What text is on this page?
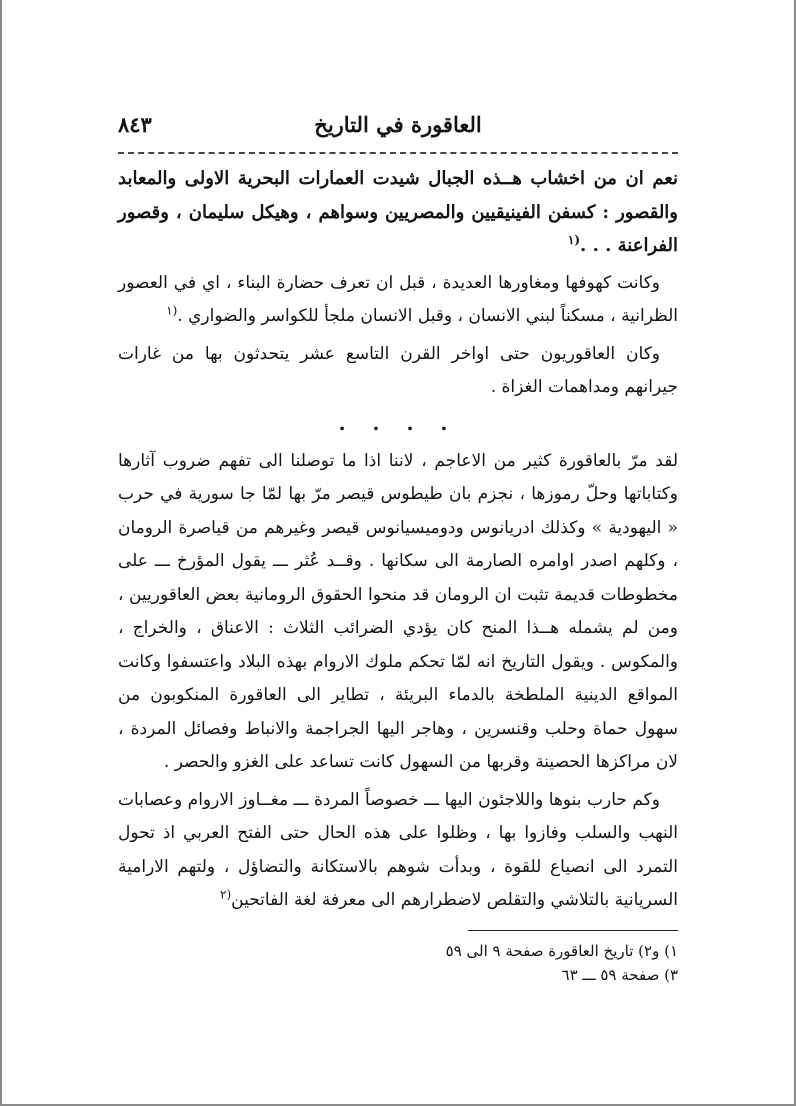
العاقورة في التاريخ
٨٤٣

نعم ان من اخشاب هــذه الجبال شيدت العمارات البحرية الاولى والمعابد والقصور : كسفن الفينيقيين والمصريين وسواهم ، وهيكل سليمان ، وقصور الفراعنة . . .$^{(١}$

وكانت كهوفها ومغاورها العديدة ، قبل ان تعرف حضارة البناء ، اي في العصور الظرانية ، مسكناً لبني الانسان ، وقبل الانسان ملجأ للكواسر والضواري .$^{(١}$

وكان العاقوريون حتى اواخر القرن التاسع عشر يتحدثون بها من غارات جيرانهم ومداهمات الغزاة .

. . . .

لقد مرّ بالعاقورة كثير من الاعاجم ، لاننا اذا ما توصلنا الى تفهم ضروب آثارها وكتاباتها وحلّ رموزها ، نجزم بان طيطوس قيصر مرّ بها لمّا جا سورية في حرب « اليهودية » وكذلك ادريانوس ودوميسيانوس قيصر وغيرهم من قياصرة الرومان ، وكلهم اصدر اوامره الصارمة الى سكانها . وقــد عُثر ـــ يقول المؤرخ ـــ على مخطوطات قديمة تثبت ان الرومان قد منحوا الحقوق الرومانية بعض العاقوريين ، ومن لم يشمله هــذا المنح كان يؤدي الضرائب الثلاث : الاعناق ، والخراج ، والمكوس . ويقول التاريخ انه لمّا تحكم ملوك الاروام بهذه البلاد واعتسفوا وكانت المواقع الدينية الملطخة بالدماء البريئة ، تطاير الى العاقورة المنكوبون من سهول حماة وحلب وقنسرين ، وهاجر اليها الجراجمة والانباط وفصائل المردة ، لان مراكزها الحصينة وقربها من السهول كانت تساعد على الغزو والحصر .

وكم حارب بنوها واللاجئون اليها ـــ خصوصاً المردة ـــ مغــاوز الاروام وعصابات النهب والسلب وفازوا بها ، وظلوا على هذه الحال حتى الفتح العربي اذ تحول التمرد الى انصياع للقوة ، وبدأت شوهم بالاستكانة والتضاؤل ، ولتهم الارامية السريانية بالتلاشي والتقلص لاضطرارهم الى معرفة لغة الفاتحين$^{(٢}$

١) و٢) تاريخ العاقورة صفحة ٩ الى ٥٩

٣) صفحة ٥٩ ـــ ٦٣
